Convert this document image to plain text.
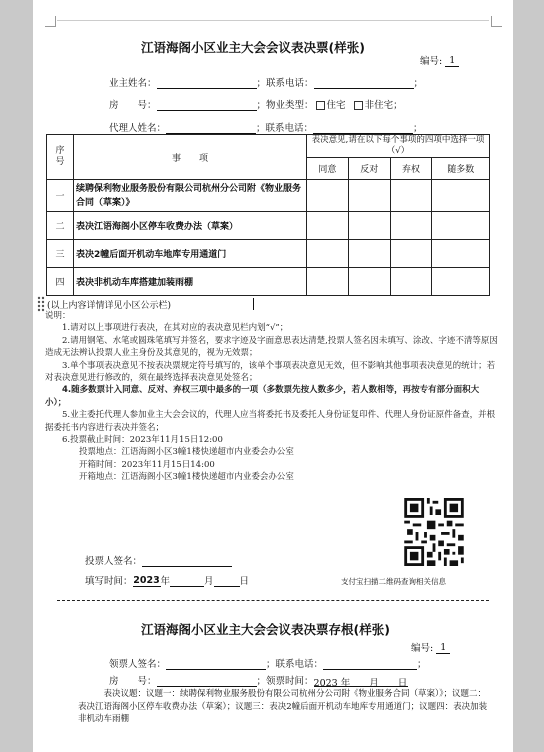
江语海阁小区业主大会会议表决票(样张)
编号: 1
业主姓名：	；联系电话：	；
房　　号：	；物业类型： 住宅 非住宅；
代理人姓名：	；联系电话：	；
序号	事　　项	表决意见,请在以下每个事项的四项中选择一项（√）			
		同意	反对	弃权	随多数
一	续聘保利物业服务股份有限公司杭州分公司附《物业服务合同（草案）》				
二	表决江语海阁小区停车收费办法（草案）				
三	表决2幢后面开机动车地库专用通道门				
四	表决非机动车库搭建加装雨棚				
(以上内容详情详见小区公示栏)

说明：

1.请对以上事项进行表决，在其对应的表决意见栏内划“√”；

2.请用钢笔、水笔或圆珠笔填写并签名，要求字迹及字面意思表达清楚,投票人签名因未填写、涂改、字迹不清等原因造成无法辨认投票人业主身份及其意见的，视为无效票；

3.单个事项表决意见不按表决票规定符号填写的，该单个事项表决意见无效，但不影响其他事项表决意见的统计；若对表决意见进行修改的，须在最终选择表决意见处签名；

4.随多数票计入同意、反对、弃权三项中最多的一项（多数票先按人数多少，若人数相等，再按专有部分面积大小）；

5.业主委托代理人参加业主大会会议的，代理人应当将委托书及委托人身份证复印件、代理人身份证原件备查，并根据委托书内容进行表决并签名；

6.投票截止时间：2023年11月15日12:00

投票地点：江语海阁小区3幢1楼快递超市内业委会办公室

开箱时间：2023年11月15日14:00

开箱地点：江语海阁小区3幢1楼快递超市内业委会办公室

投票人签名：
填写时间：2023年	月	日	支付宝扫描二维码查询相关信息
江语海阁小区业主大会会议表决票存根(样张)
编号: 1
领票人签名：	；联系电话：	；
房　　号：	；领票时间：2023 年　　月　　日
表决议题：议题一：续聘保利物业服务股份有限公司杭州分公司附《物业服务合同（草案）》；议题二：表决江语海阁小区停车收费办法（草案）；议题三：表决2幢后面开机动车地库专用通道门；议题四：表决加装非机动车雨棚
